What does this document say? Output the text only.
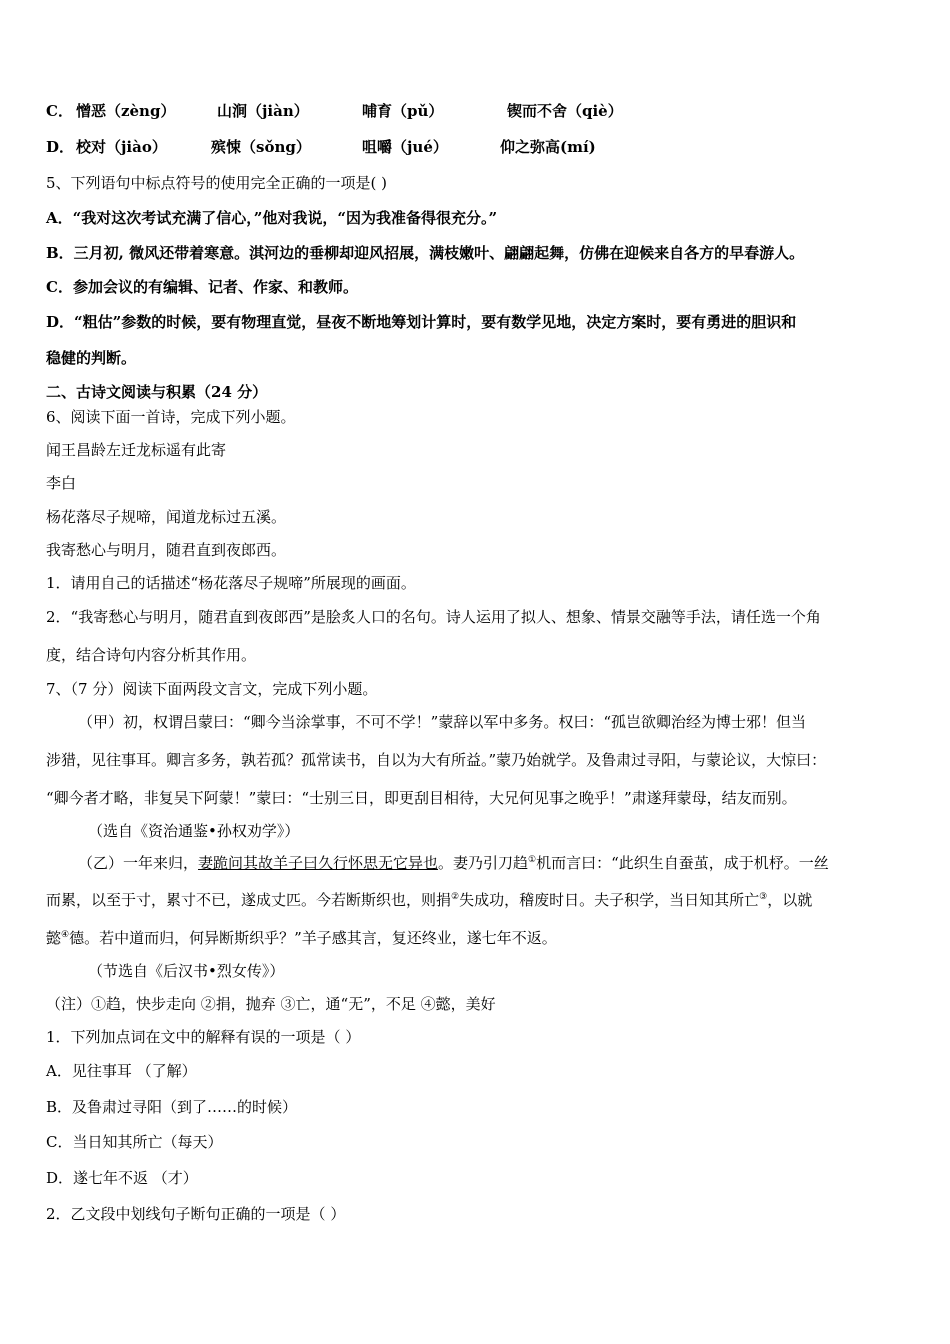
C． 憎恶（zèng）	山涧（jiàn）	哺育（pǔ）	锲而不舍（qiè）
D． 校对（jiào）	殡悚（sǒng）	咀嚼（jué）	仰之弥高(mí)
5、下列语句中标点符号的使用完全正确的一项是( )
A．“我对这次考试充满了信心，”他对我说，“因为我准备得很充分。”
B．三月初, 微风还带着寒意。淇河边的垂柳却迎风招展，满枝嫩叶、翩翩起舞，仿佛在迎候来自各方的早春游人。
C．参加会议的有编辑、记者、作家、和教师。
D．“粗估”参数的时候，要有物理直觉，昼夜不断地筹划计算时，要有数学见地，决定方案时，要有勇进的胆识和
稳健的判断。
二、古诗文阅读与积累（24 分）
6、阅读下面一首诗，完成下列小题。
闻王昌龄左迁龙标遥有此寄
李白
杨花落尽子规啼，闻道龙标过五溪。
我寄愁心与明月，随君直到夜郎西。
1．请用自己的话描述“杨花落尽子规啼”所展现的画面。
2．“我寄愁心与明月，随君直到夜郎西”是脍炙人口的名句。诗人运用了拟人、想象、情景交融等手法，请任选一个角
度，结合诗句内容分析其作用。
7、（7 分）阅读下面两段文言文，完成下列小题。
（甲）初，权谓吕蒙曰：“卿今当涂掌事，不可不学！”蒙辞以军中多务。权曰：“孤岂欲卿治经为博士邪！但当
涉猎，见往事耳。卿言多务，孰若孤？孤常读书，自以为大有所益。”蒙乃始就学。及鲁肃过寻阳，与蒙论议，大惊曰：
“卿今者才略，非复吴下阿蒙！”蒙曰：“士别三日，即更刮目相待，大兄何见事之晚乎！”肃遂拜蒙母，结友而别。
（选自《资治通鉴•孙权劝学》）
（乙）一年来归，妻跪问其故羊子曰久行怀思无它异也。妻乃引刀趋①机而言曰：“此织生自蚕茧，成于机杼。一丝
而累，以至于寸，累寸不已，遂成丈匹。今若断斯织也，则捐②失成功，稽废时日。夫子积学，当日知其所亡③，以就
懿④德。若中道而归，何异断斯织乎？”羊子感其言，复还终业，遂七年不返。
（节选自《后汉书•烈女传》）
（注）①趋，快步走向 ②捐，抛弃 ③亡，通“无”，不足 ④懿，美好
1．下列加点词在文中的解释有误的一项是（ ）
A．见往事耳 （了解）
B．及鲁肃过寻阳（到了……的时候）
C．当日知其所亡（每天）
D．遂七年不返 （才）
2．乙文段中划线句子断句正确的一项是（ ）
